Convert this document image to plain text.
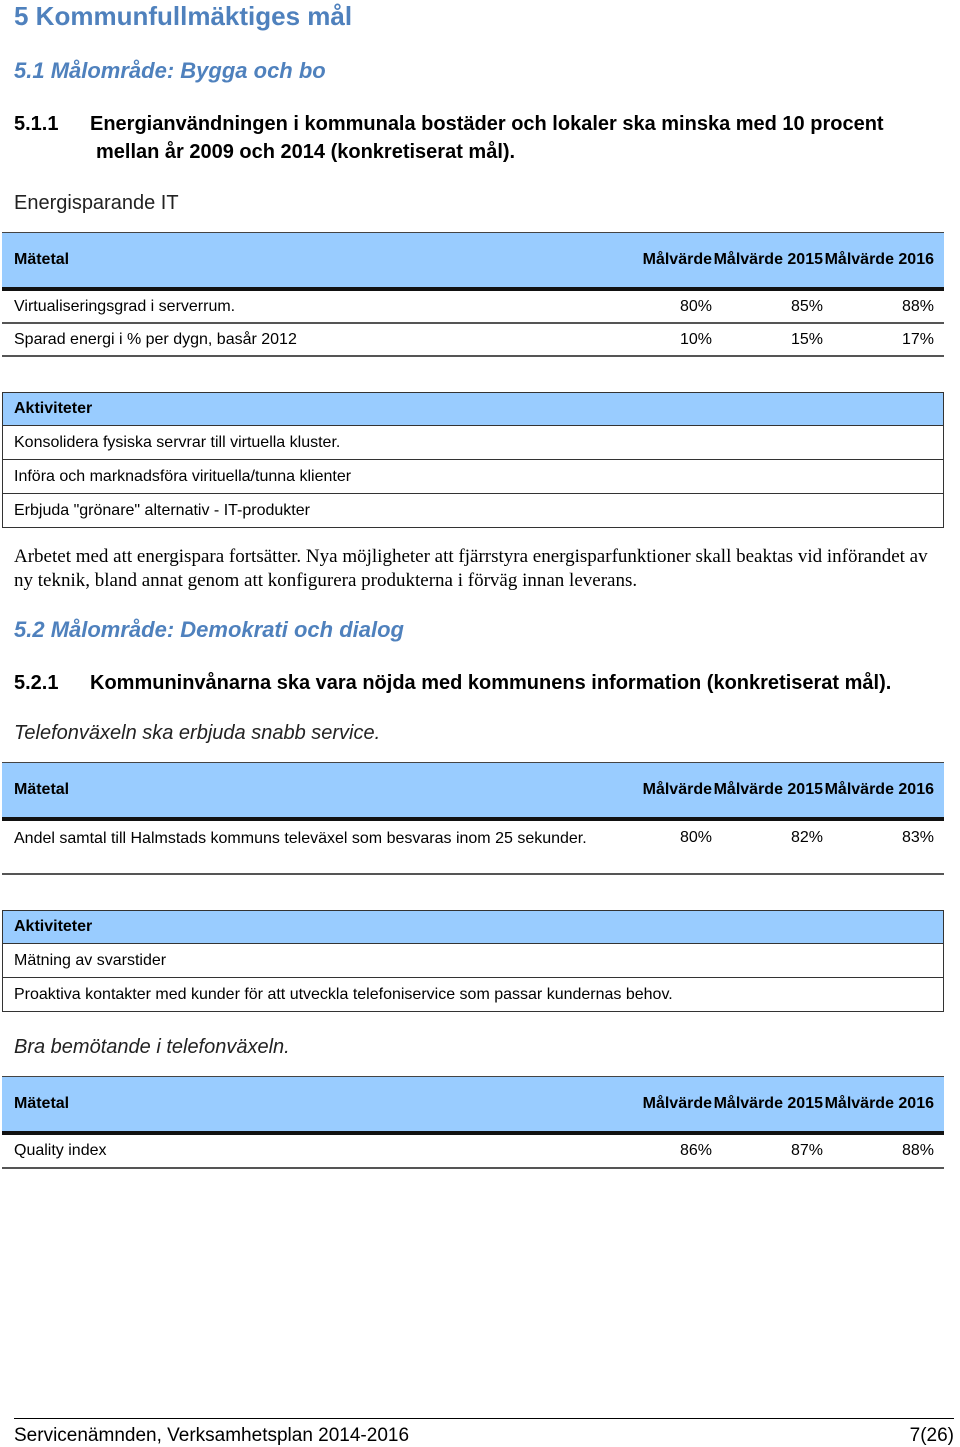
5 Kommunfullmäktiges mål
5.1 Målområde: Bygga och bo
5.1.1 Energianvändningen i kommunala bostäder och lokaler ska minska med 10 procent
mellan år 2009 och 2014 (konkretiserat mål).
Energisparande IT
Mätetal	Målvärde Målvärde 2015 Målvärde 2016
Virtualiseringsgrad i serverrum.	80%	85%	88%
Sparad energi i % per dygn, basår 2012	10%	15%	17%
Aktiviteter
Konsolidera fysiska servrar till virtuella kluster.
Införa och marknadsföra virituella/tunna klienter
Erbjuda "grönare" alternativ - IT-produkter
Arbetet med att energispara fortsätter. Nya möjligheter att fjärrstyra energisparfunktioner skall beaktas vid införandet av ny teknik, bland annat genom att konfigurera produkterna i förväg innan leverans.
5.2 Målområde: Demokrati och dialog
5.2.1 Kommuninvånarna ska vara nöjda med kommunens information (konkretiserat mål).
Telefonväxeln ska erbjuda snabb service.
Mätetal	Målvärde Målvärde 2015 Målvärde 2016
Andel samtal till Halmstads kommuns televäxel som besvaras inom 25 sekunder.	80%	82%	83%
Aktiviteter
Mätning av svarstider
Proaktiva kontakter med kunder för att utveckla telefoniservice som passar kundernas behov.
Bra bemötande i telefonväxeln.
Mätetal	Målvärde Målvärde 2015 Målvärde 2016
Quality index	86%	87%	88%
Servicenämnden, Verksamhetsplan 2014-2016	7(26)
